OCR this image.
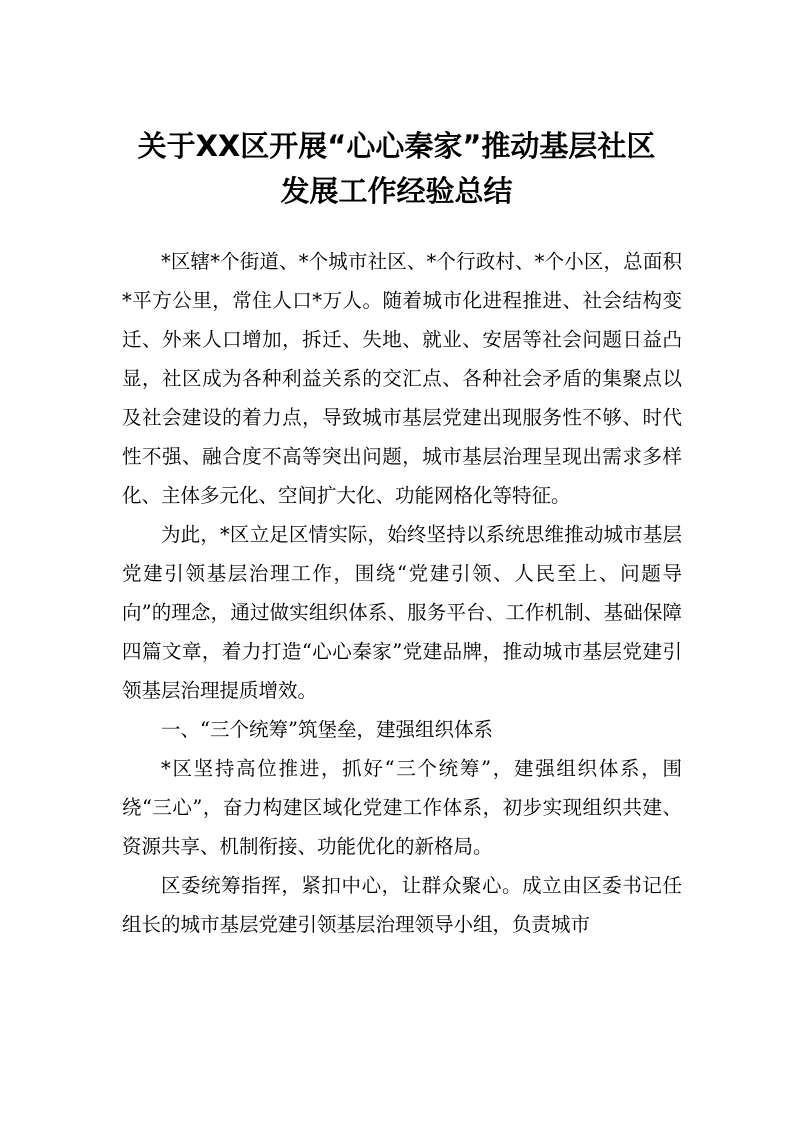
关于XX区开展“心心秦家”推动基层社区
发展工作经验总结

*区辖*个街道、*个城市社区、*个行政村、*个小区，总面积*平方公里，常住人口*万人。随着城市化进程推进、社会结构变迁、外来人口增加，拆迁、失地、就业、安居等社会问题日益凸显，社区成为各种利益关系的交汇点、各种社会矛盾的集聚点以及社会建设的着力点，导致城市基层党建出现服务性不够、时代性不强、融合度不高等突出问题，城市基层治理呈现出需求多样化、主体多元化、空间扩大化、功能网格化等特征。

为此，*区立足区情实际，始终坚持以系统思维推动城市基层党建引领基层治理工作，围绕“党建引领、人民至上、问题导向”的理念，通过做实组织体系、服务平台、工作机制、基础保障四篇文章，着力打造“心心秦家”党建品牌，推动城市基层党建引领基层治理提质增效。

一、“三个统筹”筑堡垒，建强组织体系

*区坚持高位推进，抓好“三个统筹”，建强组织体系，围绕“三心”，奋力构建区域化党建工作体系，初步实现组织共建、资源共享、机制衔接、功能优化的新格局。

区委统筹指挥，紧扣中心，让群众聚心。成立由区委书记任组长的城市基层党建引领基层治理领导小组，负责城市
